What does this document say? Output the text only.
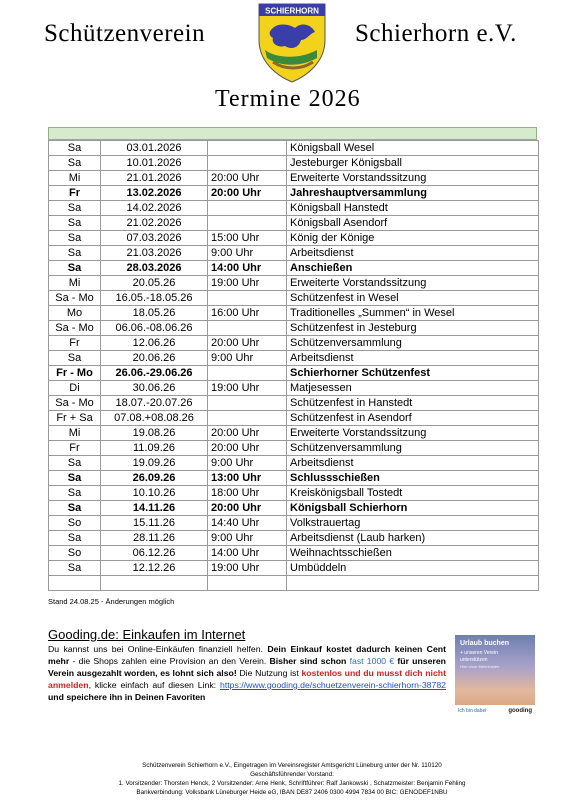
Schützenverein
SCHIERHORN
Schierhorn e.V.
Termine 2026
Sa	03.01.2026		Königsball Wesel
Sa	10.01.2026		Jesteburger Königsball
Mi	21.01.2026	20:00 Uhr	Erweiterte Vorstandssitzung
Fr	13.02.2026	20:00 Uhr	Jahreshauptversammlung
Sa	14.02.2026		Königsball Hanstedt
Sa	21.02.2026		Königsball Asendorf
Sa	07.03.2026	15:00 Uhr	König der Könige
Sa	21.03.2026	9:00 Uhr	Arbeitsdienst
Sa	28.03.2026	14:00 Uhr	Anschießen
Mi	20.05.26	19:00 Uhr	Erweiterte Vorstandssitzung
Sa - Mo	16.05.-18.05.26		Schützenfest in Wesel
Mo	18.05.26	16:00 Uhr	Traditionelles „Summen“ in Wesel
Sa - Mo	06.06.-08.06.26		Schützenfest in Jesteburg
Fr	12.06.26	20:00 Uhr	Schützenversammlung
Sa	20.06.26	9:00 Uhr	Arbeitsdienst
Fr - Mo	26.06.-29.06.26		Schierhorner Schützenfest
Di	30.06.26	19:00 Uhr	Matjesessen
Sa - Mo	18.07.-20.07.26		Schützenfest in Hanstedt
Fr + Sa	07.08.+08.08.26		Schützenfest in Asendorf
Mi	19.08.26	20:00 Uhr	Erweiterte Vorstandssitzung
Fr	11.09.26	20:00 Uhr	Schützenversammlung
Sa	19.09.26	9:00 Uhr	Arbeitsdienst
Sa	26.09.26	13:00 Uhr	Schlussschießen
Sa	10.10.26	18:00 Uhr	Kreiskönigsball Tostedt
Sa	14.11.26	20:00 Uhr	Königsball Schierhorn
So	15.11.26	14:40 Uhr	Volkstrauertag
Sa	28.11.26	9:00 Uhr	Arbeitsdienst (Laub harken)
So	06.12.26	14:00 Uhr	Weihnachtsschießen
Sa	12.12.26	19:00 Uhr	Umbüddeln

Stand 24.08.25 - Änderungen möglich
Gooding.de: Einkaufen im Internet
Du kannst uns bei Online-Einkäufen finanziell helfen. Dein Einkauf kostet dadurch keinen Cent mehr - die Shops zahlen eine Provision an den Verein. Bisher sind schon fast 1000 € für unseren Verein ausgezahlt worden, es lohnt sich also! Die Nutzung ist kostenlos und du musst dich nicht anmelden, klicke einfach auf diesen Link: https://www.gooding.de/schuetzenverein-schierhorn-38782 und speichere ihn in Deinen Favoriten
Urlaub buchen
+ unseren Verein
unterstützen
Hier ohne Mehrkosten
Ich bin dabei	gooding
Schützenverein Schierhorn e.V., Eingetragen im Vereinsregister Amtsgericht Lüneburg unter der Nr. 110120
Geschäftsführender Vorstand:
1. Vorsitzender: Thorsten Henck, 2 Vorsitzender: Arne Henk, Schriftführer: Ralf Jankowski , Schatzmeister: Benjamin Fehling
Bankverbindung: Volksbank Lüneburger Heide eG, IBAN DE87 2406 0300 4994 7834 00 BIC: GENODEF1NBU
